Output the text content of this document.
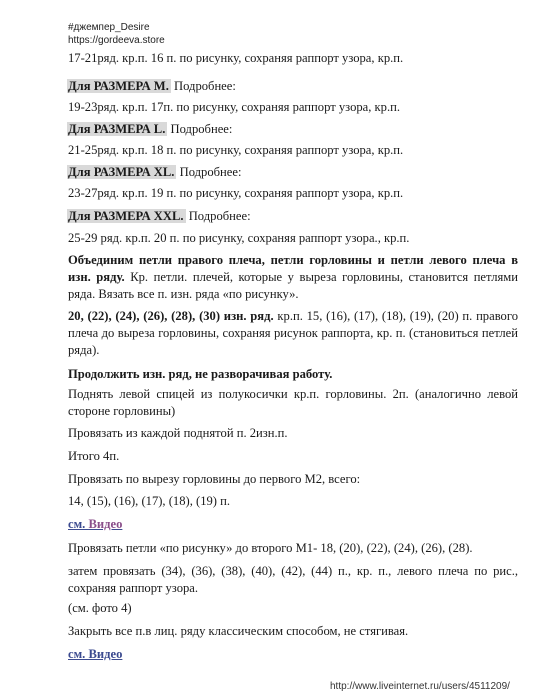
#джемпер_Desire
https://gordeeva.store
17-21ряд. кр.п. 16 п. по рисунку, сохраняя раппорт узора, кр.п.
Для РАЗМЕРА М. Подробнее:
19-23ряд. кр.п. 17п. по рисунку, сохраняя раппорт узора, кр.п.
Для РАЗМЕРА L. Подробнее:
21-25ряд. кр.п. 18 п. по рисунку, сохраняя раппорт узора, кр.п.
Для РАЗМЕРА XL. Подробнее:
23-27ряд. кр.п. 19 п. по рисунку, сохраняя раппорт узора, кр.п.
Для РАЗМЕРА XXL. Подробнее:
25-29 ряд. кр.п. 20 п. по рисунку, сохраняя раппорт узора., кр.п.
Объединим петли правого плеча, петли горловины и петли левого плеча в изн. ряду. Кр. петли. плечей, которые у выреза горловины, становится петлями ряда. Вязать все п. изн. ряда «по рисунку».
20, (22), (24), (26), (28), (30) изн. ряд. кр.п. 15, (16), (17), (18), (19), (20) п. правого плеча до выреза горловины, сохраняя рисунок раппорта, кр. п. (становиться петлей ряда).
Продолжить изн. ряд, не разворачивая работу.
Поднять левой спицей из полукосички кр.п. горловины. 2п. (аналогично левой стороне горловины)
Провязать из каждой поднятой п. 2изн.п.
Итого 4п.
Провязать по вырезу горловины до первого М2, всего:
14, (15), (16), (17), (18), (19) п.
см. Видео
Провязать петли «по рисунку» до второго М1- 18, (20), (22), (24), (26), (28).
затем провязать (34), (36), (38), (40), (42), (44) п., кр. п., левого плеча по рис., сохраняя раппорт узора.
(см. фото 4)
Закрыть все п.в лиц. ряду классическим способом, не стягивая.
см. Видео
http://www.liveinternet.ru/users/4511209/
